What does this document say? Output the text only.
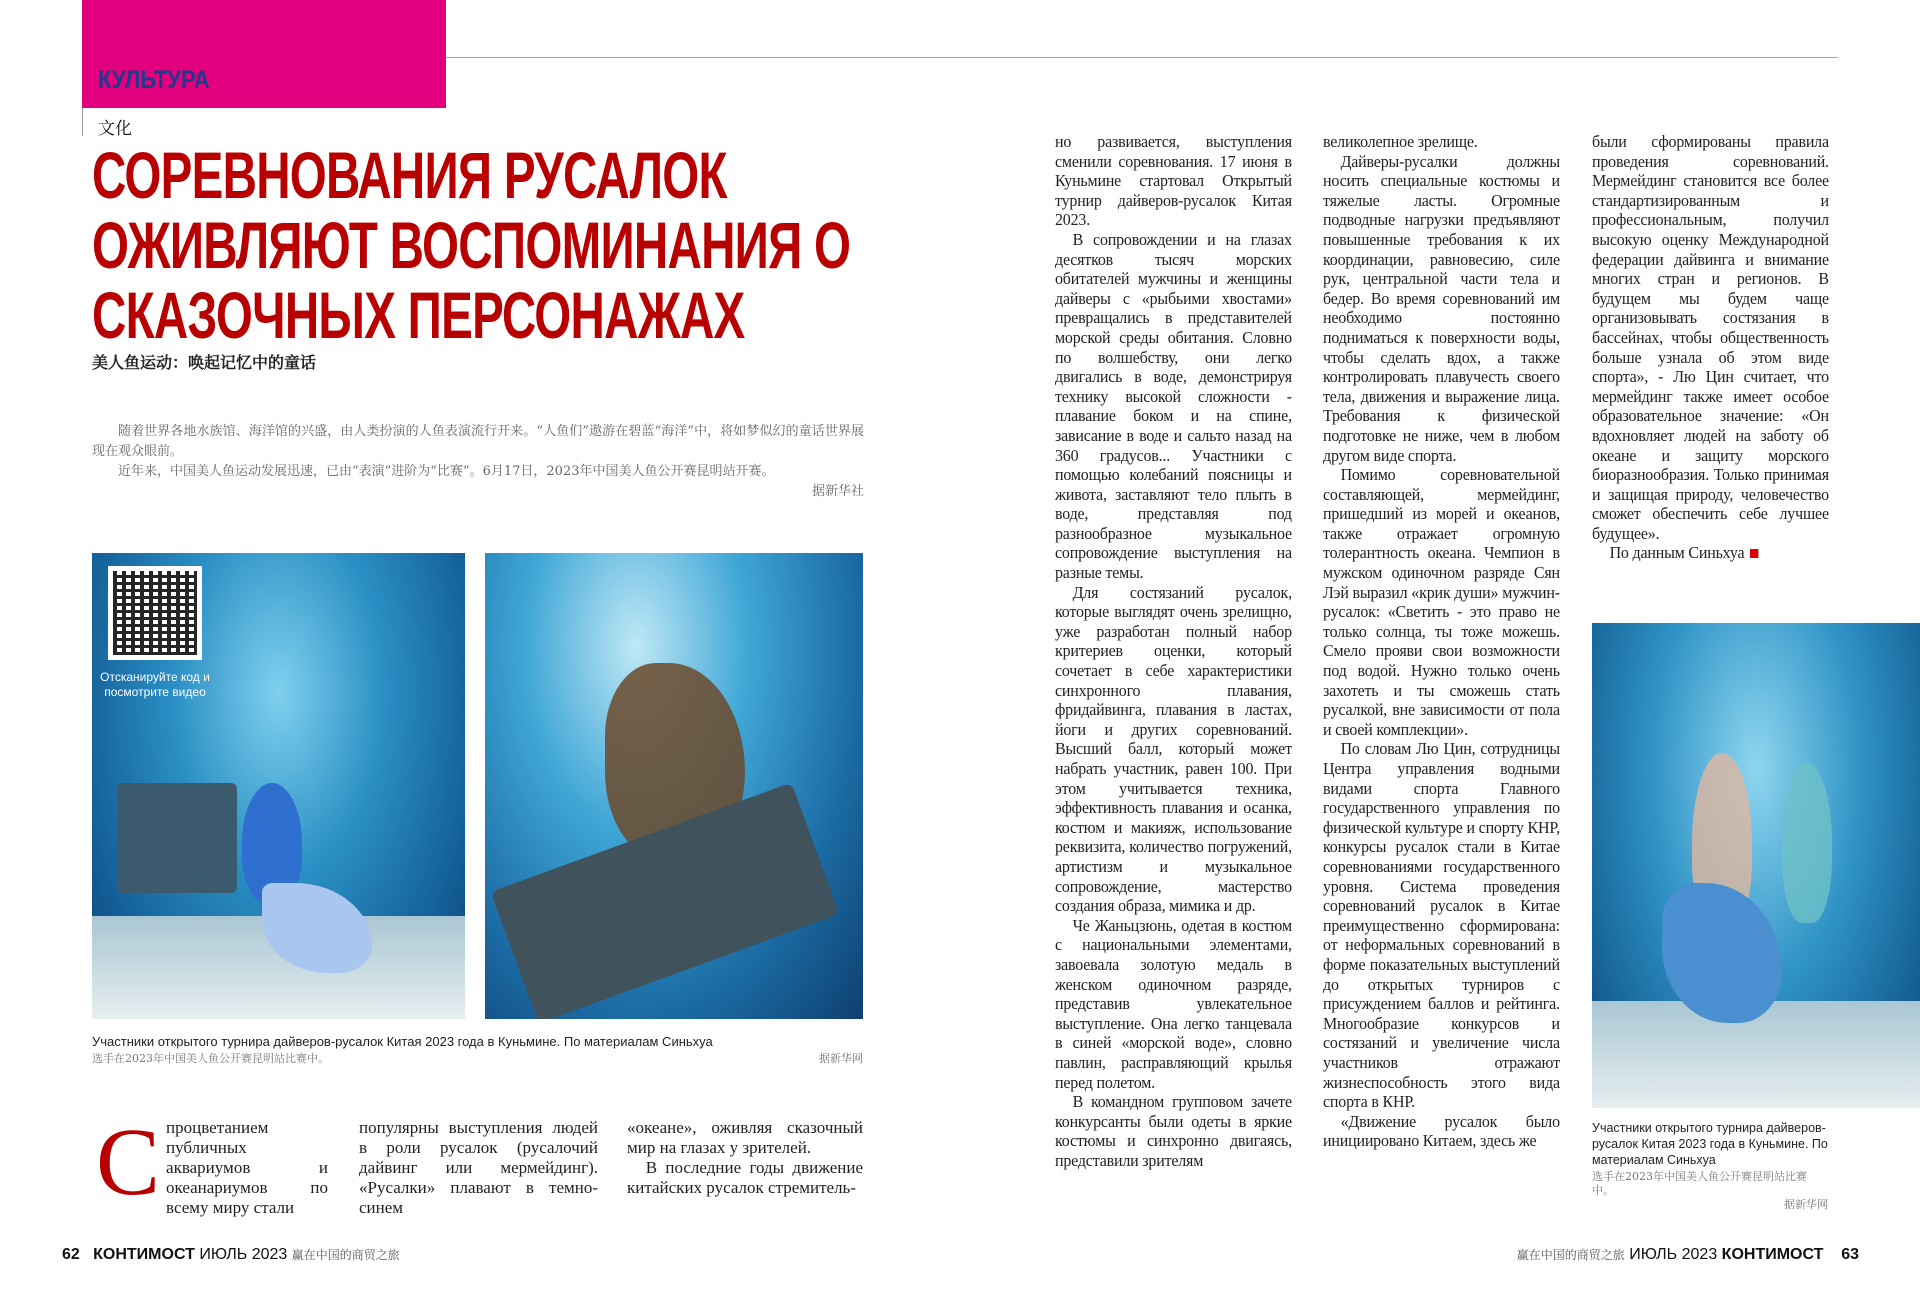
КУЛЬТУРА
文化
СОРЕВНОВАНИЯ РУСАЛОК
ОЖИВЛЯЮТ ВОСПОМИНАНИЯ О
СКАЗОЧНЫХ ПЕРСОНАЖАХ
美人鱼运动：唤起记忆中的童话

随着世界各地水族馆、海洋馆的兴盛，由人类扮演的人鱼表演流行开来。“人鱼们”遨游在碧蓝“海洋”中，将如梦似幻的童话世界展现在观众眼前。

近年来，中国美人鱼运动发展迅速，已由“表演”进阶为“比赛”。6月17日，2023年中国美人鱼公开赛昆明站开赛。

据新华社

Отсканируйте код и посмотрите видео
Участники открытого турнира дайверов-русалок Китая 2023 года в Куньмине. По материалам Синьхуа
选手在2023年中国美人鱼公开赛昆明站比赛中。	据新华网
С процветанием публичных аквариумов и океанариумов по всему миру стали

популярны выступления людей в роли русалок (русалочий дайвинг или мермейдинг). «Русалки» плавают в темно-синем

«океане», оживляя сказочный мир на глазах у зрителей.

В последние годы движение китайских русалок стремитель-

но развивается, выступления сменили соревнования. 17 июня в Куньмине стартовал Открытый турнир дайверов-русалок Китая 2023.

В сопровождении и на глазах десятков тысяч морских обитателей мужчины и женщины дайверы с «рыбьими хвостами» превращались в представителей морской среды обитания. Словно по волшебству, они легко двигались в воде, демонстрируя технику высокой сложности - плавание боком и на спине, зависание в воде и сальто назад на 360 градусов... Участники с помощью колебаний поясницы и живота, заставляют тело плыть в воде, представляя под разнообразное музыкальное сопровождение выступления на разные темы.

Для состязаний русалок, которые выглядят очень зрелищно, уже разработан полный набор критериев оценки, который сочетает в себе характеристики синхронного плавания, фридайвинга, плавания в ластах, йоги и других соревнований. Высший балл, который может набрать участник, равен 100. При этом учитывается техника, эффективность плавания и осанка, костюм и макияж, использование реквизита, количество погружений, артистизм и музыкальное сопровождение, мастерство создания образа, мимика и др.

Че Жаньцзюнь, одетая в костюм с национальными элементами, завоевала золотую медаль в женском одиночном разряде, представив увлекательное выступление. Она легко танцевала в синей «морской воде», словно павлин, расправляющий крылья перед полетом.

В командном групповом зачете конкурсанты были одеты в яркие костюмы и синхронно двигаясь, представили зрителям

великолепное зрелище.

Дайверы-русалки должны носить специальные костюмы и тяжелые ласты. Огромные подводные нагрузки предъявляют повышенные требования к их координации, равновесию, силе рук, центральной части тела и бедер. Во время соревнований им необходимо постоянно подниматься к поверхности воды, чтобы сделать вдох, а также контролировать плавучесть своего тела, движения и выражение лица. Требования к физической подготовке не ниже, чем в любом другом виде спорта.

Помимо соревновательной составляющей, мермейдинг, пришедший из морей и океанов, также отражает огромную толерантность океана. Чемпион в мужском одиночном разряде Сян Лэй выразил «крик души» мужчин-русалок: «Светить - это право не только солнца, ты тоже можешь. Смело прояви свои возможности под водой. Нужно только очень захотеть и ты сможешь стать русалкой, вне зависимости от пола и своей комплекции».

По словам Лю Цин, сотрудницы Центра управления водными видами спорта Главного государственного управления по физической культуре и спорту КНР, конкурсы русалок стали в Китае соревнованиями государственного уровня. Система проведения соревнований русалок в Китае преимущественно сформирована: от неформальных соревнований в форме показательных выступлений до открытых турниров с присуждением баллов и рейтинга. Многообразие конкурсов и состязаний и увеличение числа участников отражают жизнеспособность этого вида спорта в КНР.

«Движение русалок было инициировано Китаем, здесь же

были сформированы правила проведения соревнований. Мермейдинг становится все более стандартизированным и профессиональным, получил высокую оценку Международной федерации дайвинга и внимание многих стран и регионов. В будущем мы будем чаще организовывать состязания в бассейнах, чтобы общественность больше узнала об этом виде спорта», - Лю Цин считает, что мермейдинг также имеет особое образовательное значение: «Он вдохновляет людей на заботу об океане и защиту морского биоразнообразия. Только принимая и защищая природу, человечество сможет обеспечить себе лучшее будущее».

По данным Синьхуа

Участники открытого турнира дайверов-русалок Китая 2023 года в Куньмине. По материалам Синьхуа
选手在2023年中国美人鱼公开赛昆明站比赛中。
据新华网
62 КОНТИМОСТ ИЮЛЬ 2023 赢在中国的商贸之旅	赢在中国的商贸之旅 ИЮЛЬ 2023 КОНТИМОСТ 63
